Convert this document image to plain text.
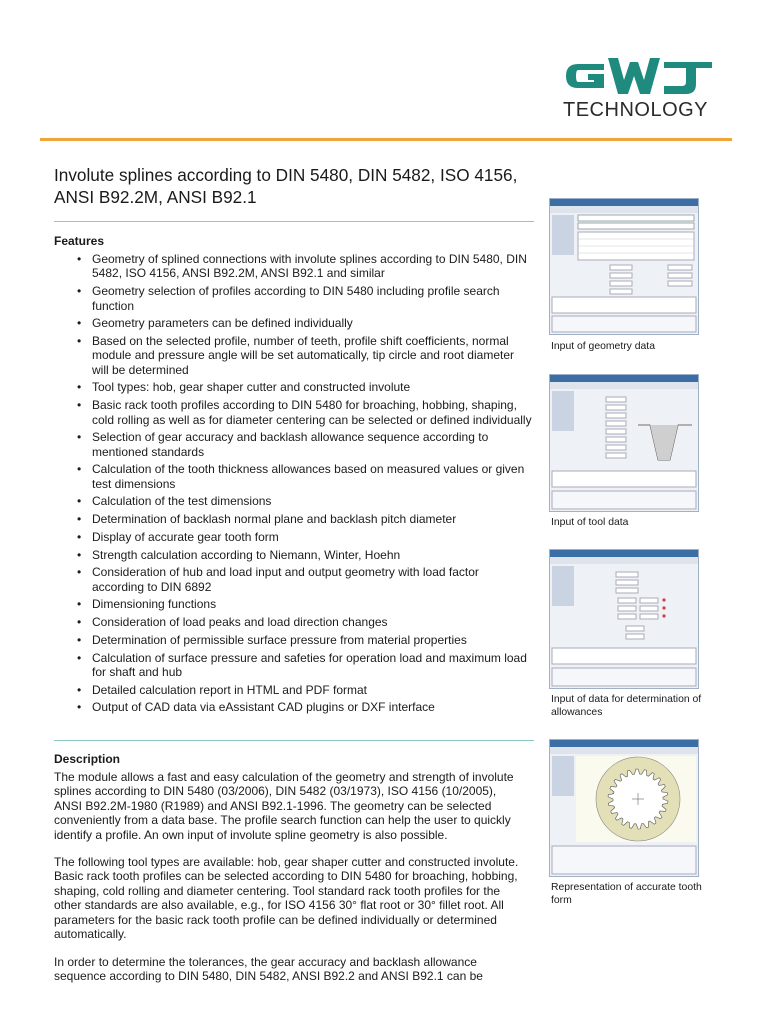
TECHNOLOGY
Involute splines according to DIN 5480, DIN 5482, ISO 4156, ANSI B92.2M, ANSI B92.1
Features
• Geometry of splined connections with involute splines according to DIN 5480, DIN 5482, ISO 4156, ANSI B92.2M, ANSI B92.1 and similar
• Geometry selection of profiles according to DIN 5480 including profile search function
• Geometry parameters can be defined individually
• Based on the selected profile, number of teeth, profile shift coefficients, normal module and pressure angle will be set automatically, tip circle and root diameter will be determined
• Tool types: hob, gear shaper cutter and constructed involute
• Basic rack tooth profiles according to DIN 5480 for broaching, hobbing, shaping, cold rolling as well as for diameter centering can be selected or defined individually
• Selection of gear accuracy and backlash allowance sequence according to mentioned standards
• Calculation of the tooth thickness allowances based on measured values or given test dimensions
• Calculation of the test dimensions
• Determination of backlash normal plane and backlash pitch diameter
• Display of accurate gear tooth form
• Strength calculation according to Niemann, Winter, Hoehn
• Consideration of hub and load input and output geometry with load factor according to DIN 6892
• Dimensioning functions
• Consideration of load peaks and load direction changes
• Determination of permissible surface pressure from material properties
• Calculation of surface pressure and safeties for operation load and maximum load for shaft and hub
• Detailed calculation report in HTML and PDF format
• Output of CAD data via eAssistant CAD plugins or DXF interface
Description

The module allows a fast and easy calculation of the geometry and strength of involute splines according to DIN 5480 (03/2006), DIN 5482 (03/1973), ISO 4156 (10/2005), ANSI B92.2M-1980 (R1989) and ANSI B92.1-1996. The geometry can be selected conveniently from a data base. The profile search function can help the user to quickly identify a profile. An own input of involute spline geometry is also possible.

The following tool types are available: hob, gear shaper cutter and constructed involute. Basic rack tooth profiles can be selected according to DIN 5480 for broaching, hobbing, shaping, cold rolling and diameter centering. Tool standard rack tooth profiles for the other standards are also available, e.g., for ISO 4156 30° flat root or 30° fillet root. All parameters for the basic rack tooth profile can be defined individually or determined automatically.

In order to determine the tolerances, the gear accuracy and backlash allowance sequence according to DIN 5480, DIN 5482, ANSI B92.2 and ANSI B92.1 can be

Input of geometry data
Input of tool data
Input of data for determination of allowances
Representation of accurate tooth form
